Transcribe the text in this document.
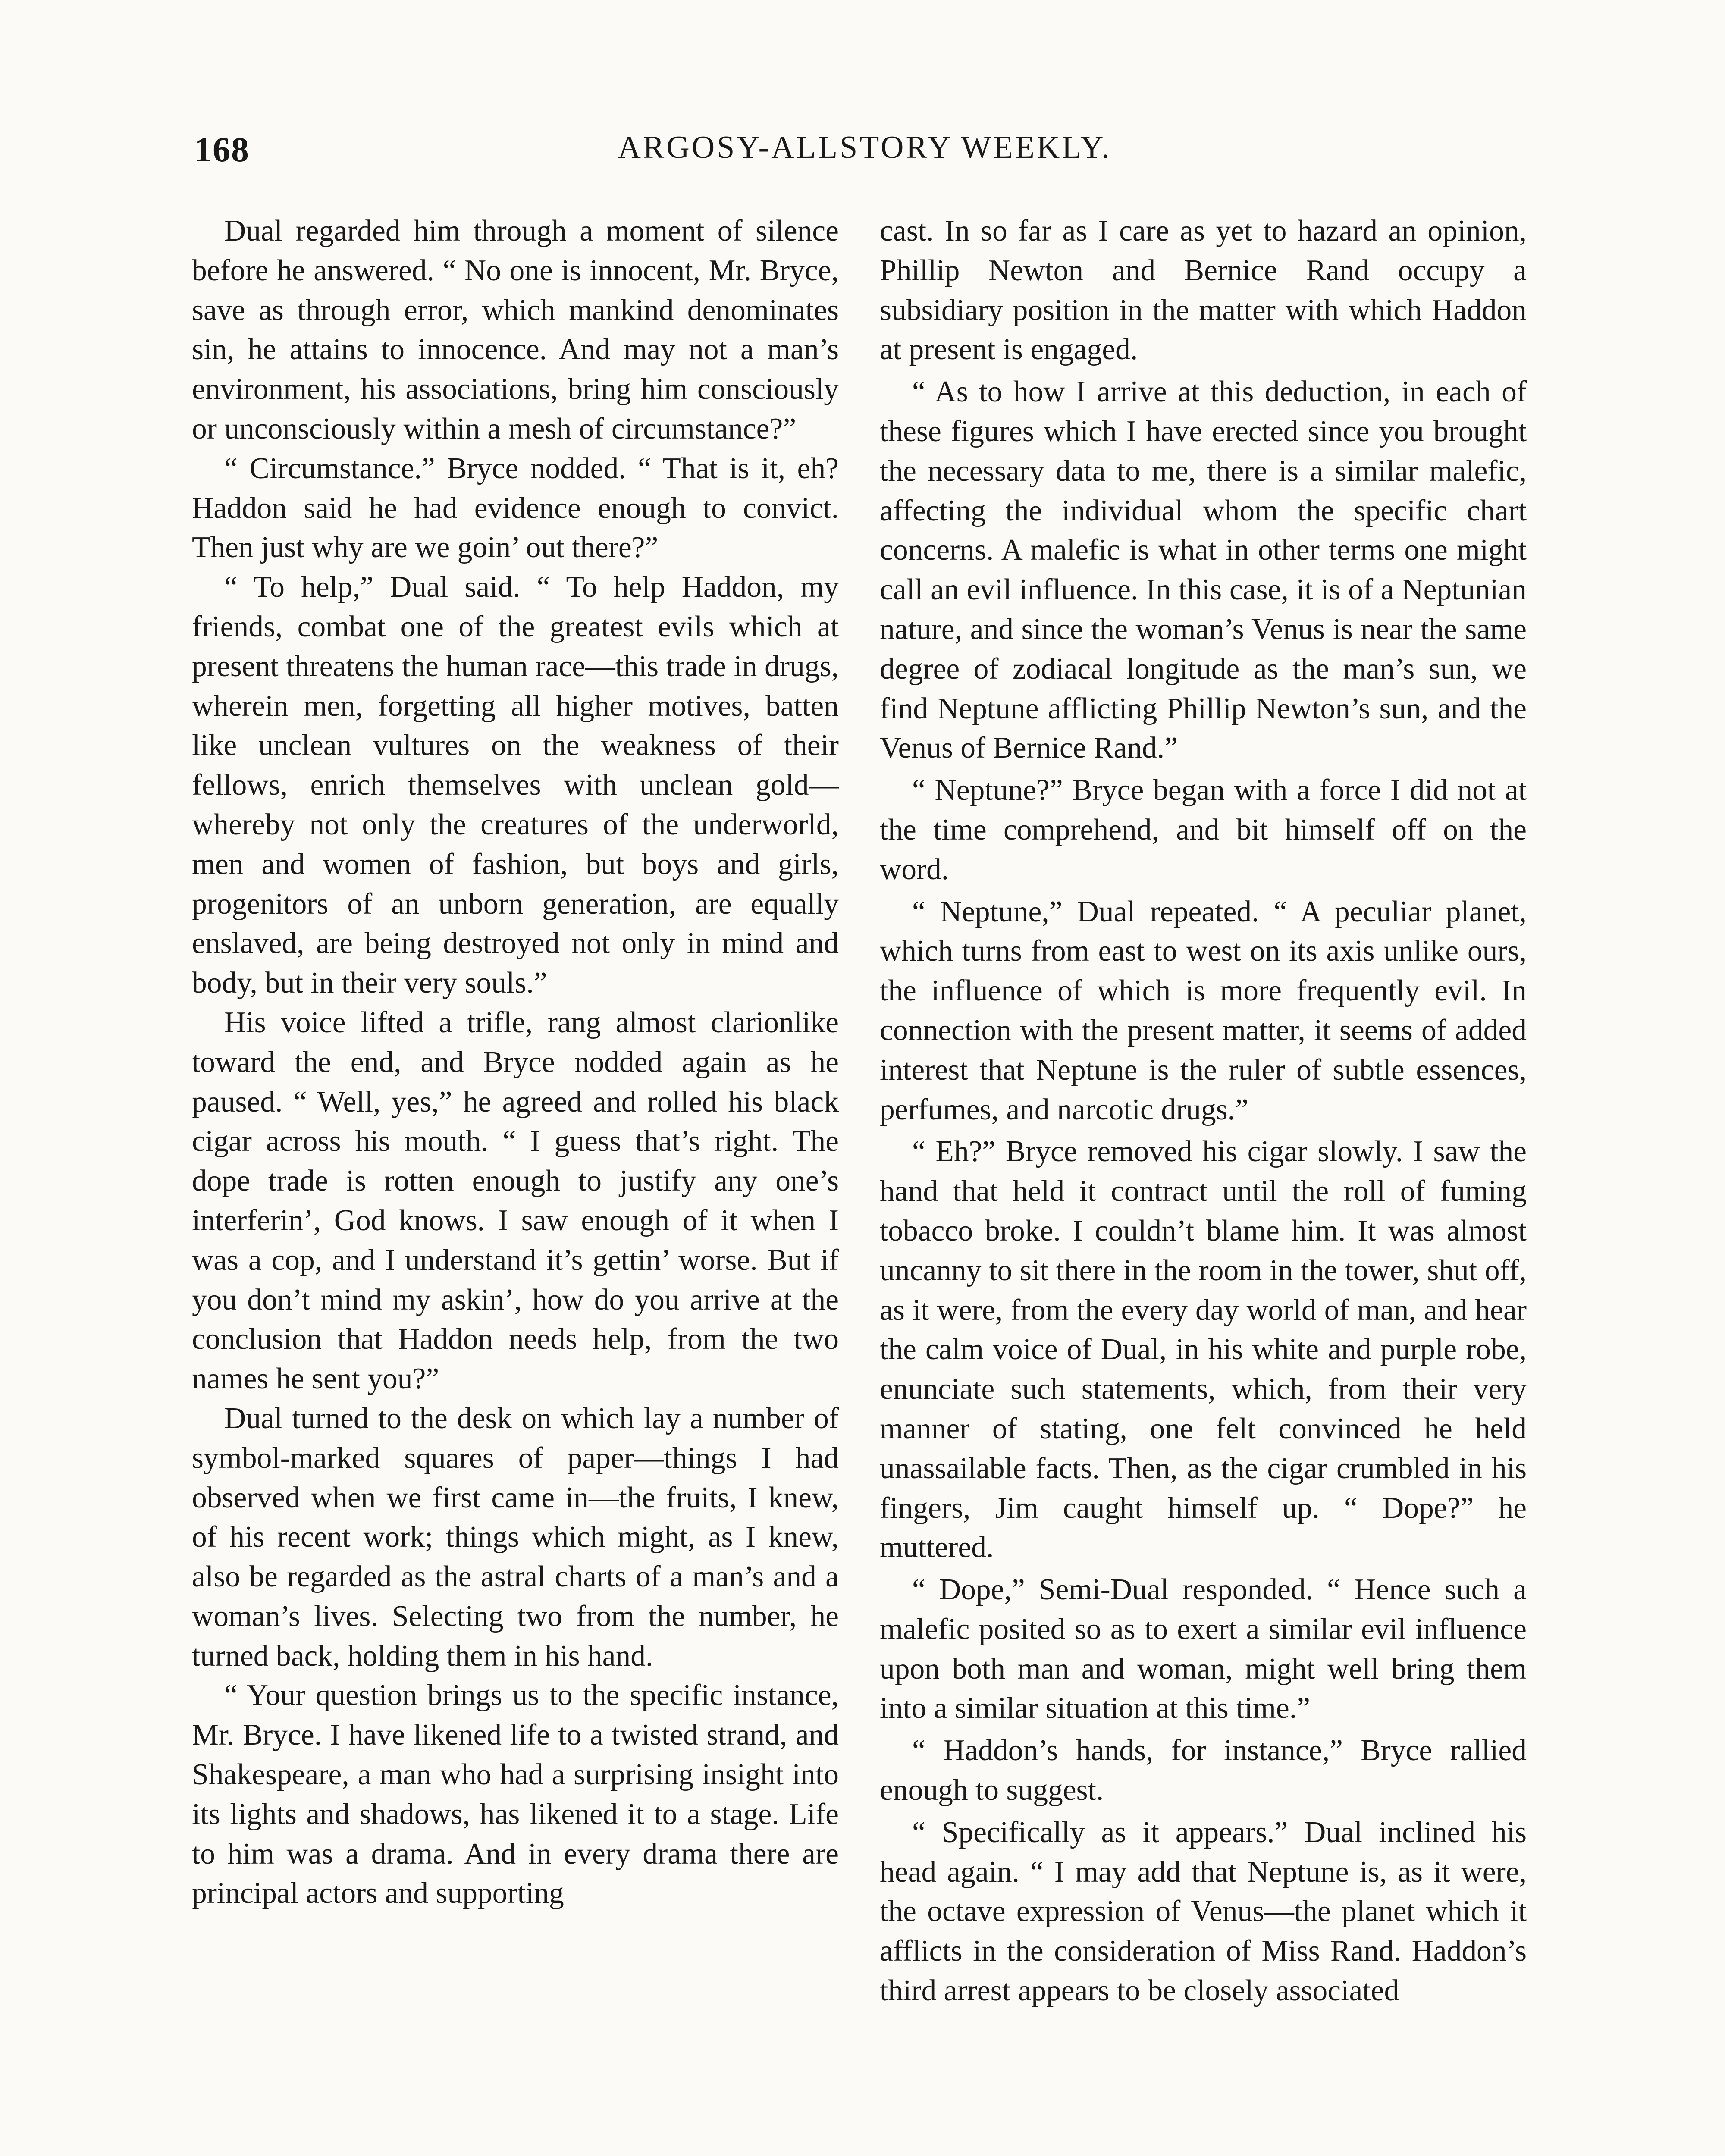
168	ARGOSY-ALLSTORY WEEKLY.

Dual regarded him through a moment of silence before he answered. “ No one is innocent, Mr. Bryce, save as through error, which mankind denominates sin, he attains to innocence. And may not a man’s environment, his associations, bring him consciously or unconsciously within a mesh of circumstance?”

“ Circumstance.” Bryce nodded. “ That is it, eh? Haddon said he had evidence enough to convict. Then just why are we goin’ out there?”

“ To help,” Dual said. “ To help Haddon, my friends, combat one of the greatest evils which at present threatens the human race—this trade in drugs, wherein men, forgetting all higher motives, batten like unclean vultures on the weakness of their fellows, enrich themselves with unclean gold—whereby not only the creatures of the underworld, men and women of fashion, but boys and girls, progenitors of an unborn generation, are equally enslaved, are being destroyed not only in mind and body, but in their very souls.”

His voice lifted a trifle, rang almost clarionlike toward the end, and Bryce nodded again as he paused. “ Well, yes,” he agreed and rolled his black cigar across his mouth. “ I guess that’s right. The dope trade is rotten enough to justify any one’s interferin’, God knows. I saw enough of it when I was a cop, and I understand it’s gettin’ worse. But if you don’t mind my askin’, how do you arrive at the conclusion that Haddon needs help, from the two names he sent you?”

Dual turned to the desk on which lay a number of symbol-marked squares of paper—things I had observed when we first came in—the fruits, I knew, of his recent work; things which might, as I knew, also be regarded as the astral charts of a man’s and a woman’s lives. Selecting two from the number, he turned back, holding them in his hand.

“ Your question brings us to the specific instance, Mr. Bryce. I have likened life to a twisted strand, and Shakespeare, a man who had a surprising insight into its lights and shadows, has likened it to a stage. Life to him was a drama. And in every drama there are principal actors and supporting

cast. In so far as I care as yet to hazard an opinion, Phillip Newton and Bernice Rand occupy a subsidiary position in the matter with which Haddon at present is engaged.

“ As to how I arrive at this deduction, in each of these figures which I have erected since you brought the necessary data to me, there is a similar malefic, affecting the individual whom the specific chart concerns. A malefic is what in other terms one might call an evil influence. In this case, it is of a Neptunian nature, and since the woman’s Venus is near the same degree of zodiacal longitude as the man’s sun, we find Neptune afflicting Phillip Newton’s sun, and the Venus of Bernice Rand.”

“ Neptune?” Bryce began with a force I did not at the time comprehend, and bit himself off on the word.

“ Neptune,” Dual repeated. “ A peculiar planet, which turns from east to west on its axis unlike ours, the influence of which is more frequently evil. In connection with the present matter, it seems of added interest that Neptune is the ruler of subtle essences, perfumes, and narcotic drugs.”

“ Eh?” Bryce removed his cigar slowly. I saw the hand that held it contract until the roll of fuming tobacco broke. I couldn’t blame him. It was almost uncanny to sit there in the room in the tower, shut off, as it were, from the every day world of man, and hear the calm voice of Dual, in his white and purple robe, enunciate such statements, which, from their very manner of stating, one felt convinced he held unassailable facts. Then, as the cigar crumbled in his fingers, Jim caught himself up. “ Dope?” he muttered.

“ Dope,” Semi-Dual responded. “ Hence such a malefic posited so as to exert a similar evil influence upon both man and woman, might well bring them into a similar situation at this time.”

“ Haddon’s hands, for instance,” Bryce rallied enough to suggest.

“ Specifically as it appears.” Dual inclined his head again. “ I may add that Neptune is, as it were, the octave expression of Venus—the planet which it afflicts in the consideration of Miss Rand. Haddon’s third arrest appears to be closely associated
